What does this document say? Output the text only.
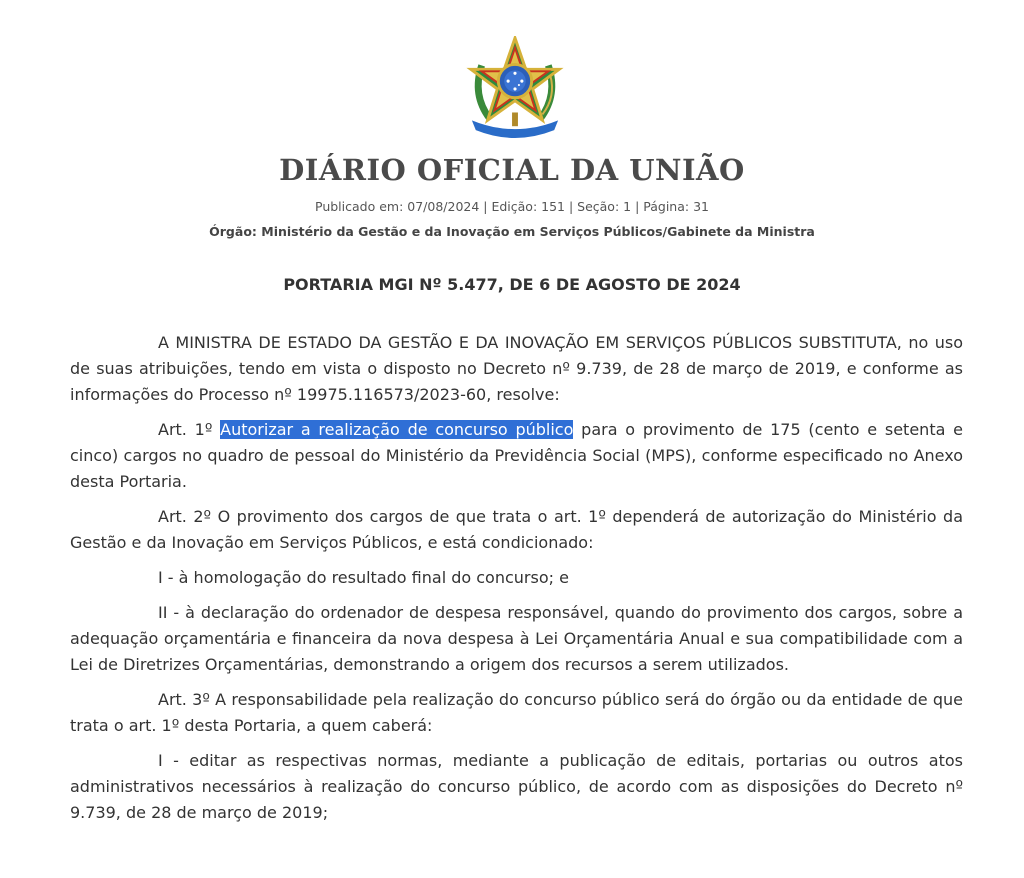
DIÁRIO OFICIAL DA UNIÃO
Publicado em: 07/08/2024 | Edição: 151 | Seção: 1 | Página: 31
Órgão: Ministério da Gestão e da Inovação em Serviços Públicos/Gabinete da Ministra
PORTARIA MGI Nº 5.477, DE 6 DE AGOSTO DE 2024

A MINISTRA DE ESTADO DA GESTÃO E DA INOVAÇÃO EM SERVIÇOS PÚBLICOS SUBSTITUTA, no uso de suas atribuições, tendo em vista o disposto no Decreto nº 9.739, de 28 de março de 2019, e conforme as informações do Processo nº 19975.116573/2023-60, resolve:

Art. 1º Autorizar a realização de concurso público para o provimento de 175 (cento e setenta e cinco) cargos no quadro de pessoal do Ministério da Previdência Social (MPS), conforme especificado no Anexo desta Portaria.

Art. 2º O provimento dos cargos de que trata o art. 1º dependerá de autorização do Ministério da Gestão e da Inovação em Serviços Públicos, e está condicionado:

I - à homologação do resultado final do concurso; e

II - à declaração do ordenador de despesa responsável, quando do provimento dos cargos, sobre a adequação orçamentária e financeira da nova despesa à Lei Orçamentária Anual e sua compatibilidade com a Lei de Diretrizes Orçamentárias, demonstrando a origem dos recursos a serem utilizados.

Art. 3º A responsabilidade pela realização do concurso público será do órgão ou da entidade de que trata o art. 1º desta Portaria, a quem caberá:

I - editar as respectivas normas, mediante a publicação de editais, portarias ou outros atos administrativos necessários à realização do concurso público, de acordo com as disposições do Decreto nº 9.739, de 28 de março de 2019;
